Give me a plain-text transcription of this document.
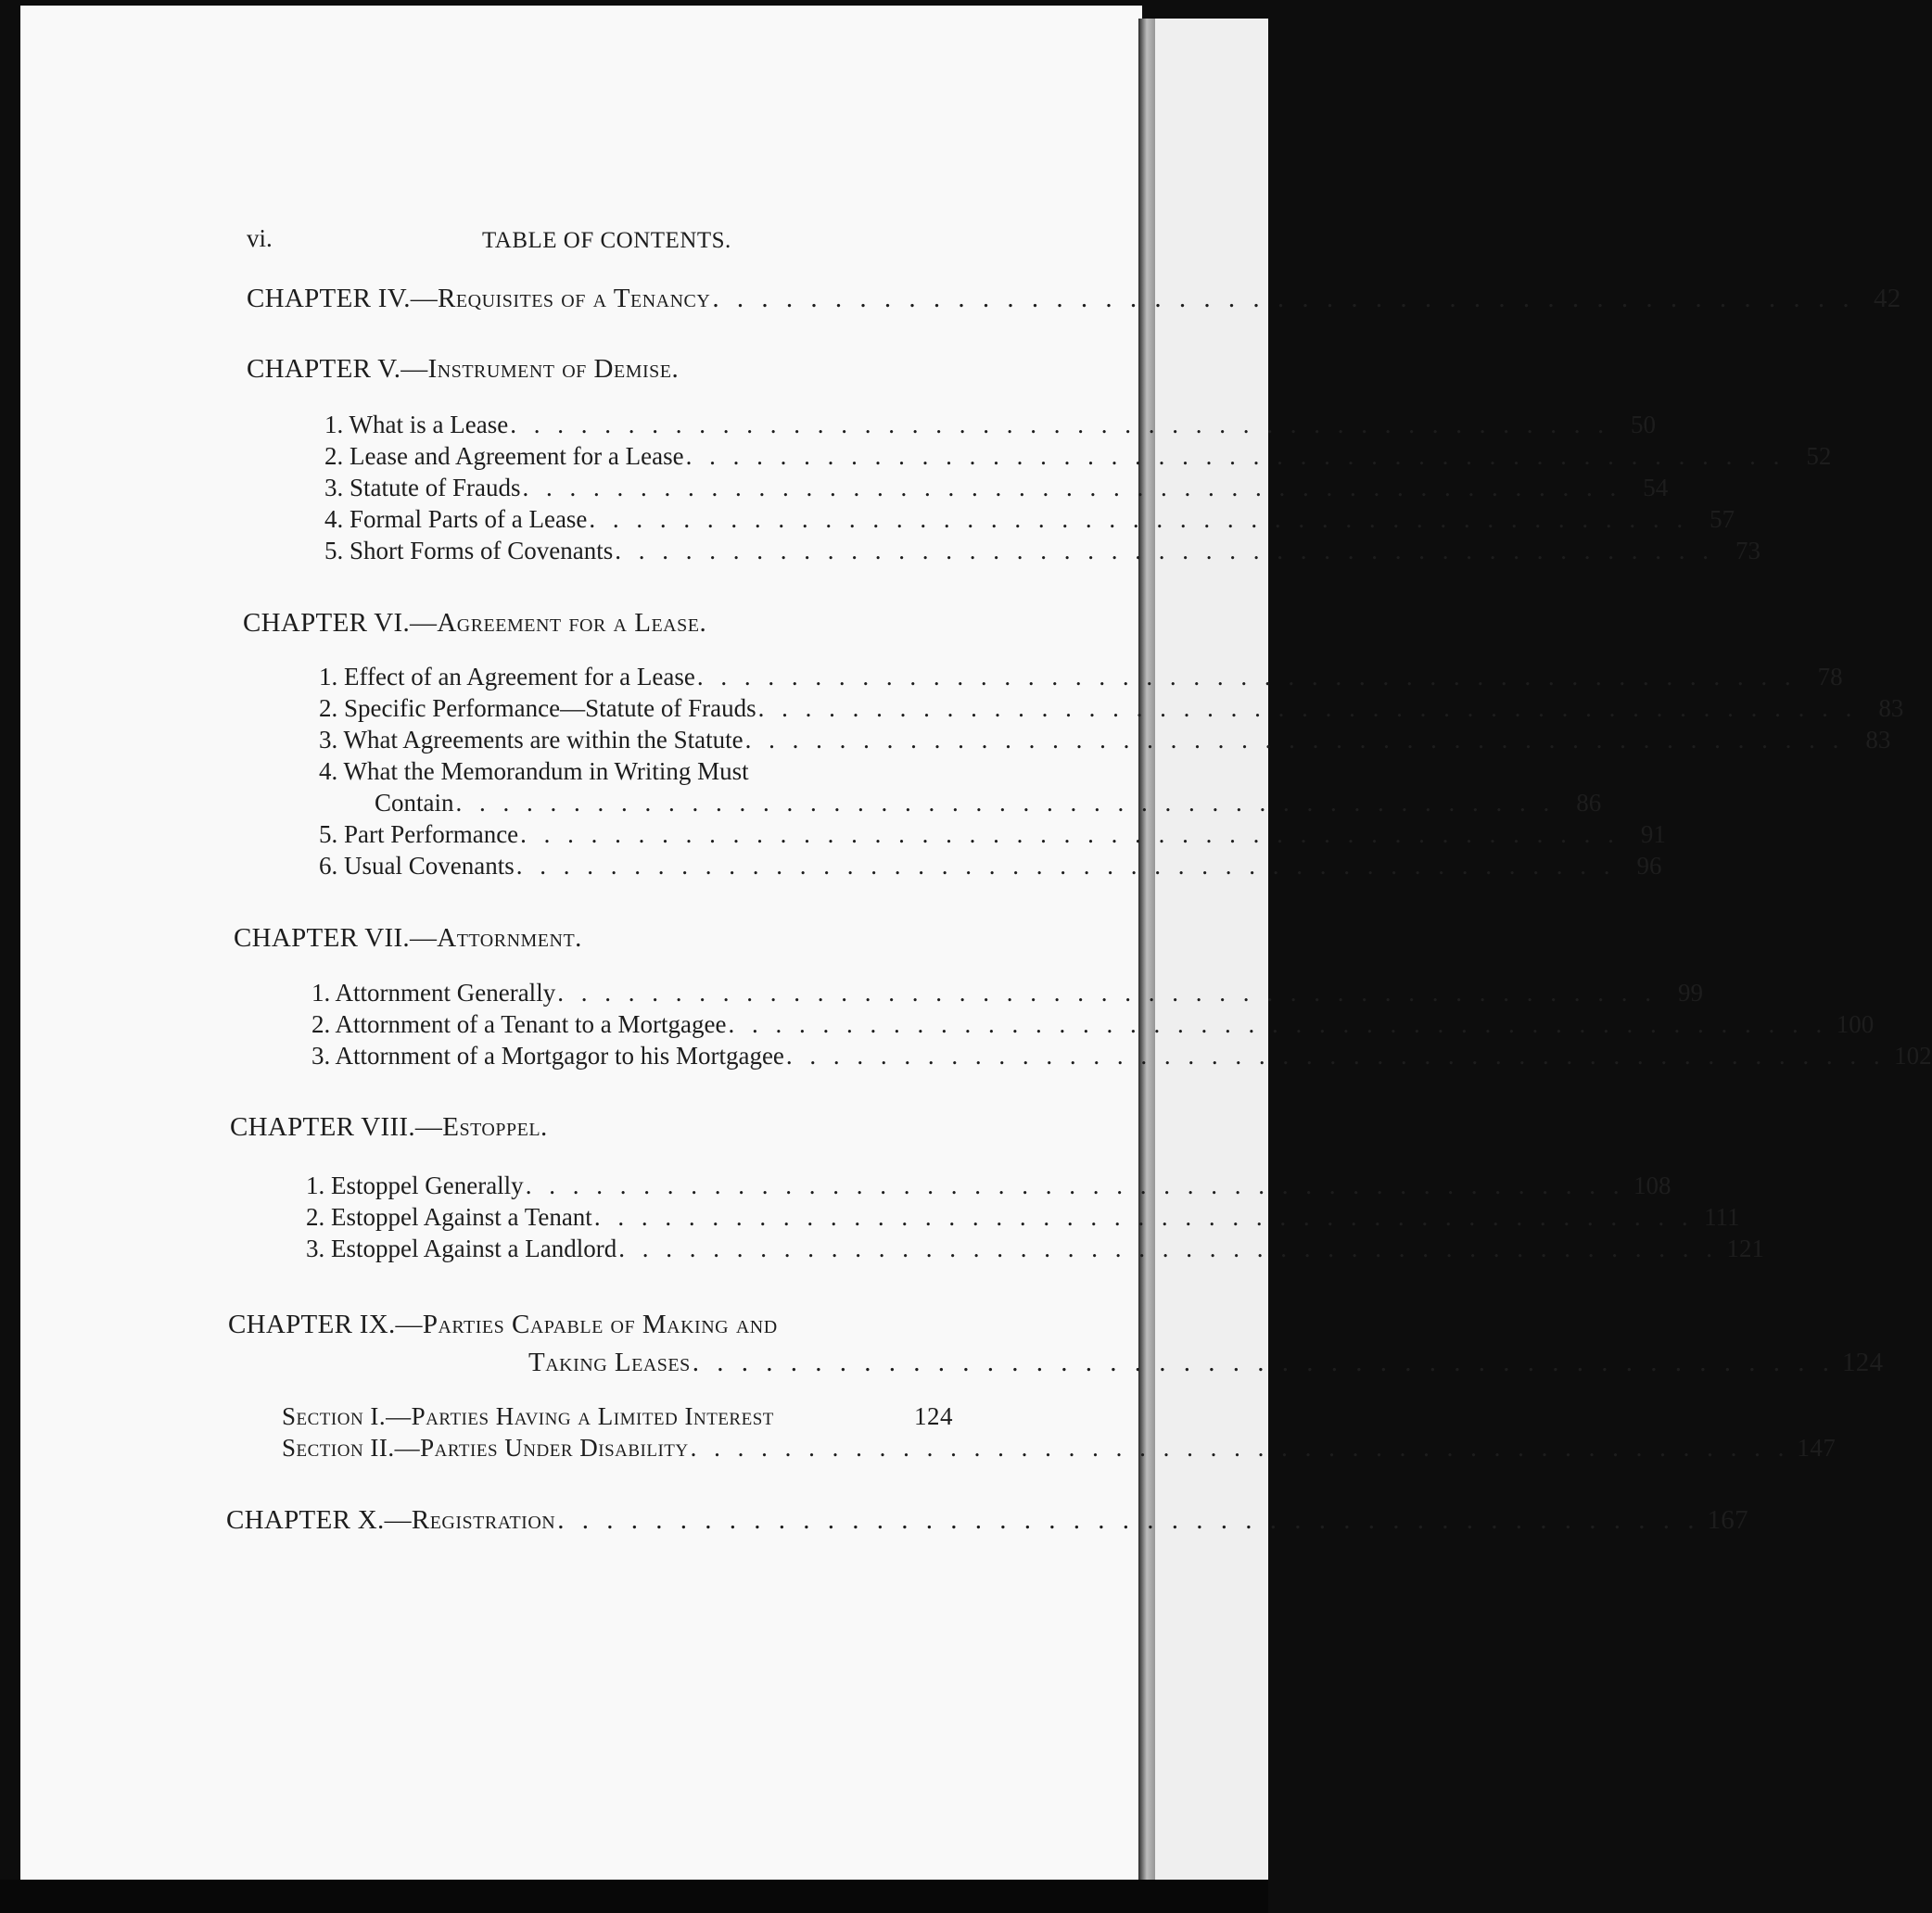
vi.	TABLE OF CONTENTS.
CHAPTER IV.—Requisites of a Tenancy . . . . . . . . . . . . . . . . . . . . . . . . . . . . . . . . . . . . . . . . . . . . . . . 42
CHAPTER V.—Instrument of Demise.
1. What is a Lease . . . . . . . . . . . . . . . . . . . . . . . . . . . . . . . . . . . . . . . . . . . . . . . 50
2. Lease and Agreement for a Lease . . . . . . . . . . . . . . . . . . . . . . . . . . . . . . . . . . . . . . . . . . . . . . . 52
3. Statute of Frauds . . . . . . . . . . . . . . . . . . . . . . . . . . . . . . . . . . . . . . . . . . . . . . . 54
4. Formal Parts of a Lease . . . . . . . . . . . . . . . . . . . . . . . . . . . . . . . . . . . . . . . . . . . . . . . 57
5. Short Forms of Covenants . . . . . . . . . . . . . . . . . . . . . . . . . . . . . . . . . . . . . . . . . . . . . . . 73
CHAPTER VI.—Agreement for a Lease.
1. Effect of an Agreement for a Lease . . . . . . . . . . . . . . . . . . . . . . . . . . . . . . . . . . . . . . . . . . . . . . . 78
2. Specific Performance—Statute of Frauds . . . . . . . . . . . . . . . . . . . . . . . . . . . . . . . . . . . . . . . . . . . . . . . 83
3. What Agreements are within the Statute . . . . . . . . . . . . . . . . . . . . . . . . . . . . . . . . . . . . . . . . . . . . . . . 83
4. What the Memorandum in Writing Must
Contain . . . . . . . . . . . . . . . . . . . . . . . . . . . . . . . . . . . . . . . . . . . . . . . 86
5. Part Performance . . . . . . . . . . . . . . . . . . . . . . . . . . . . . . . . . . . . . . . . . . . . . . . 91
6. Usual Covenants . . . . . . . . . . . . . . . . . . . . . . . . . . . . . . . . . . . . . . . . . . . . . . . 96
CHAPTER VII.—Attornment.
1. Attornment Generally . . . . . . . . . . . . . . . . . . . . . . . . . . . . . . . . . . . . . . . . . . . . . . . 99
2. Attornment of a Tenant to a Mortgagee . . . . . . . . . . . . . . . . . . . . . . . . . . . . . . . . . . . . . . . . . . . . . . . 100
3. Attornment of a Mortgagor to his Mortgagee . . . . . . . . . . . . . . . . . . . . . . . . . . . . . . . . . . . . . . . . . . . . . . . 102
CHAPTER VIII.—Estoppel.
1. Estoppel Generally . . . . . . . . . . . . . . . . . . . . . . . . . . . . . . . . . . . . . . . . . . . . . . . 108
2. Estoppel Against a Tenant . . . . . . . . . . . . . . . . . . . . . . . . . . . . . . . . . . . . . . . . . . . . . . . 111
3. Estoppel Against a Landlord . . . . . . . . . . . . . . . . . . . . . . . . . . . . . . . . . . . . . . . . . . . . . . . 121
CHAPTER IX.—Parties Capable of Making and
Taking Leases . . . . . . . . . . . . . . . . . . . . . . . . . . . . . . . . . . . . . . . . . . . . . . . 124
Section I.—Parties Having a Limited Interest	124
Section II.—Parties Under Disability . . . . . . . . . . . . . . . . . . . . . . . . . . . . . . . . . . . . . . . . . . . . . . . 147
CHAPTER X.—Registration . . . . . . . . . . . . . . . . . . . . . . . . . . . . . . . . . . . . . . . . . . . . . . . 167
